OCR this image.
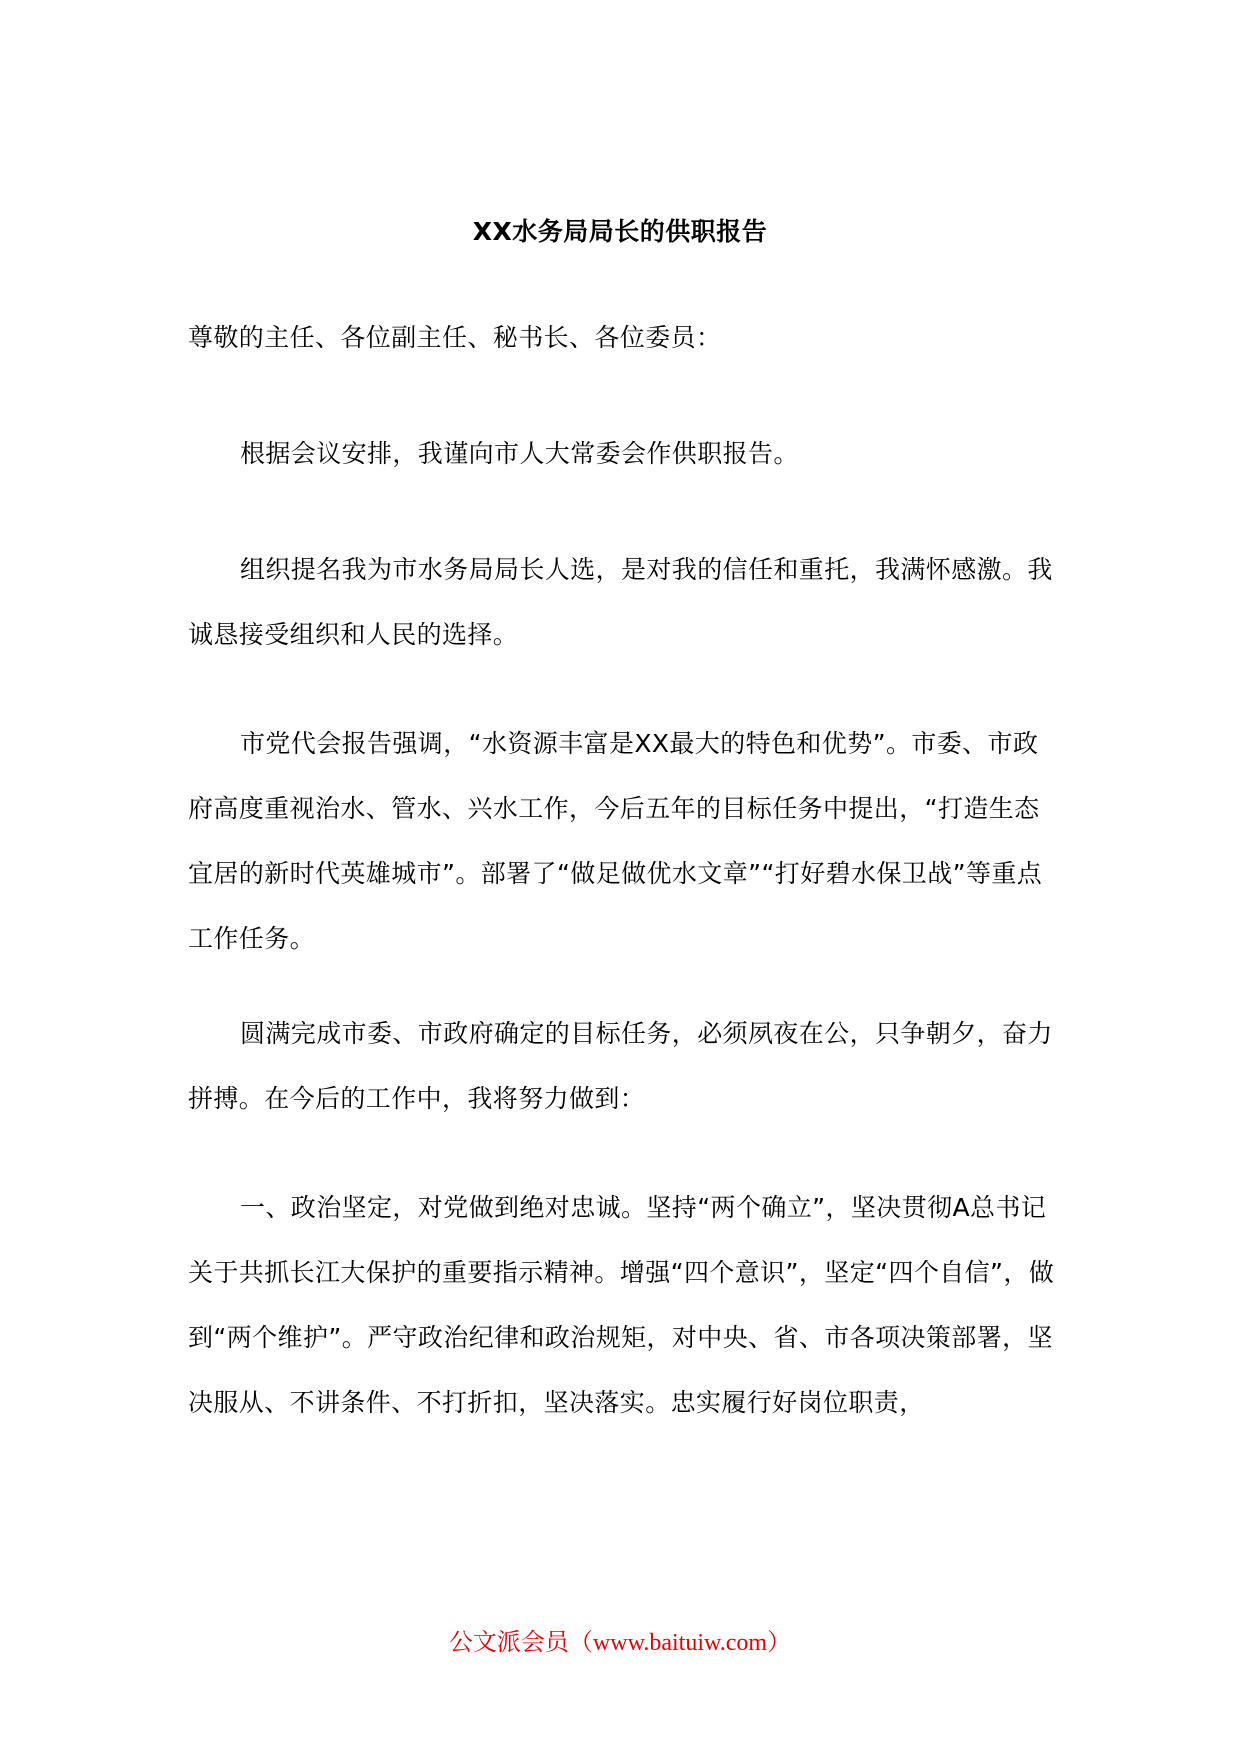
XX水务局局长的供职报告

尊敬的主任、各位副主任、秘书长、各位委员：

根据会议安排，我谨向市人大常委会作供职报告。

组织提名我为市水务局局长人选，是对我的信任和重托，我满怀感激。我诚恳接受组织和人民的选择。

市党代会报告强调，“水资源丰富是XX最大的特色和优势”。市委、市政府高度重视治水、管水、兴水工作，今后五年的目标任务中提出，“打造生态宜居的新时代英雄城市”。部署了“做足做优水文章”“打好碧水保卫战”等重点工作任务。

圆满完成市委、市政府确定的目标任务，必须夙夜在公，只争朝夕，奋力拼搏。在今后的工作中，我将努力做到：

一、政治坚定，对党做到绝对忠诚。坚持“两个确立”，坚决贯彻A总书记关于共抓长江大保护的重要指示精神。增强“四个意识”，坚定“四个自信”，做到“两个维护”。严守政治纪律和政治规矩，对中央、省、市各项决策部署，坚决服从、不讲条件、不打折扣，坚决落实。忠实履行好岗位职责，

公文派会员（www.baituiw.com）
